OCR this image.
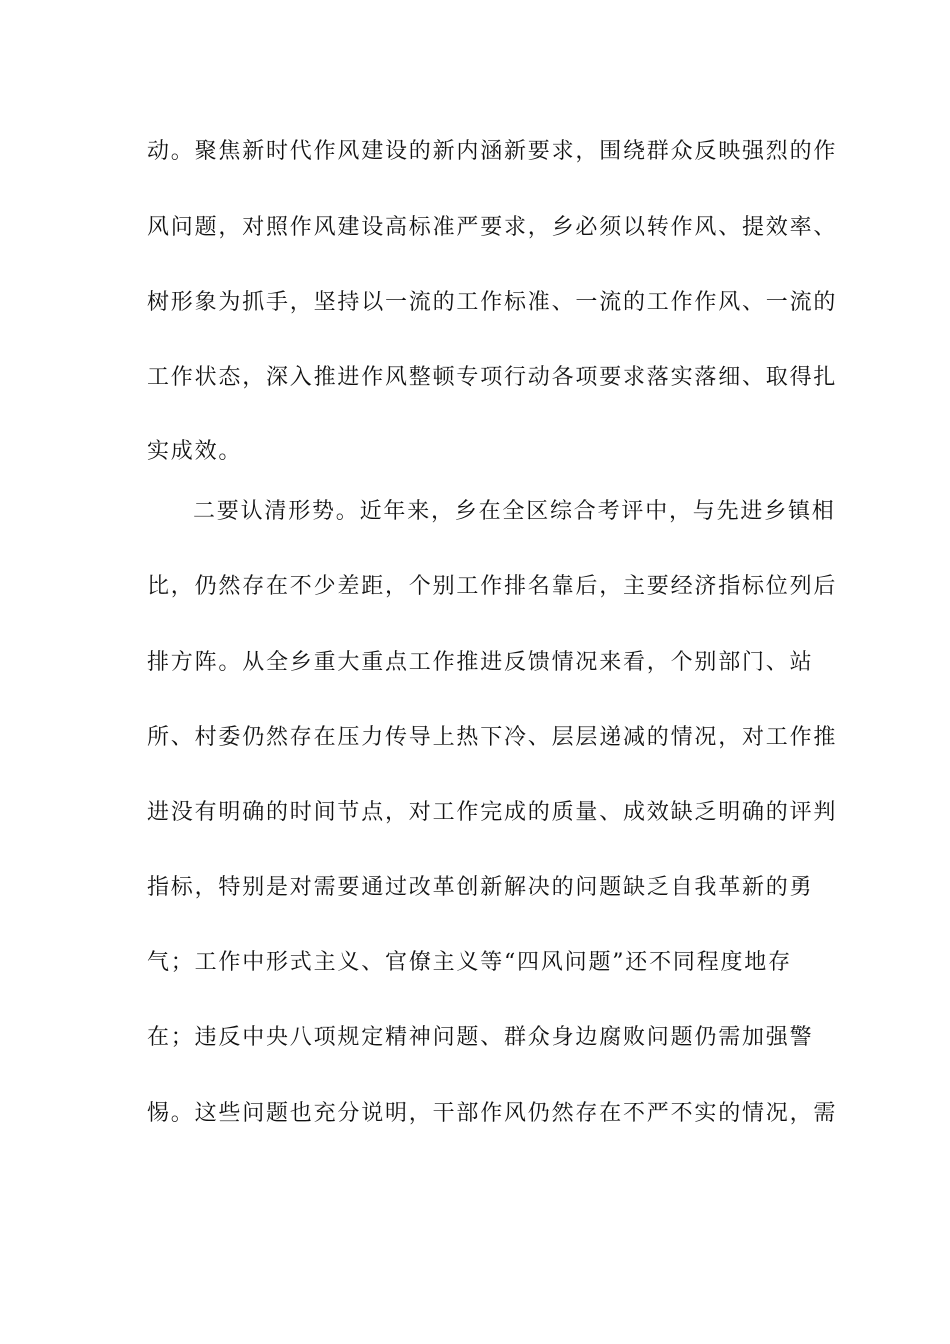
动。聚焦新时代作风建设的新内涵新要求，围绕群众反映强烈的作
风问题，对照作风建设高标准严要求，乡必须以转作风、提效率、
树形象为抓手，坚持以一流的工作标准、一流的工作作风、一流的
工作状态，深入推进作风整顿专项行动各项要求落实落细、取得扎
实成效。
二要认清形势。近年来，乡在全区综合考评中，与先进乡镇相
比，仍然存在不少差距，个别工作排名靠后，主要经济指标位列后
排方阵。从全乡重大重点工作推进反馈情况来看，个别部门、站
所、村委仍然存在压力传导上热下冷、层层递减的情况，对工作推
进没有明确的时间节点，对工作完成的质量、成效缺乏明确的评判
指标，特别是对需要通过改革创新解决的问题缺乏自我革新的勇
气；工作中形式主义、官僚主义等“四风问题”还不同程度地存
在；违反中央八项规定精神问题、群众身边腐败问题仍需加强警
惕。这些问题也充分说明，干部作风仍然存在不严不实的情况，需
